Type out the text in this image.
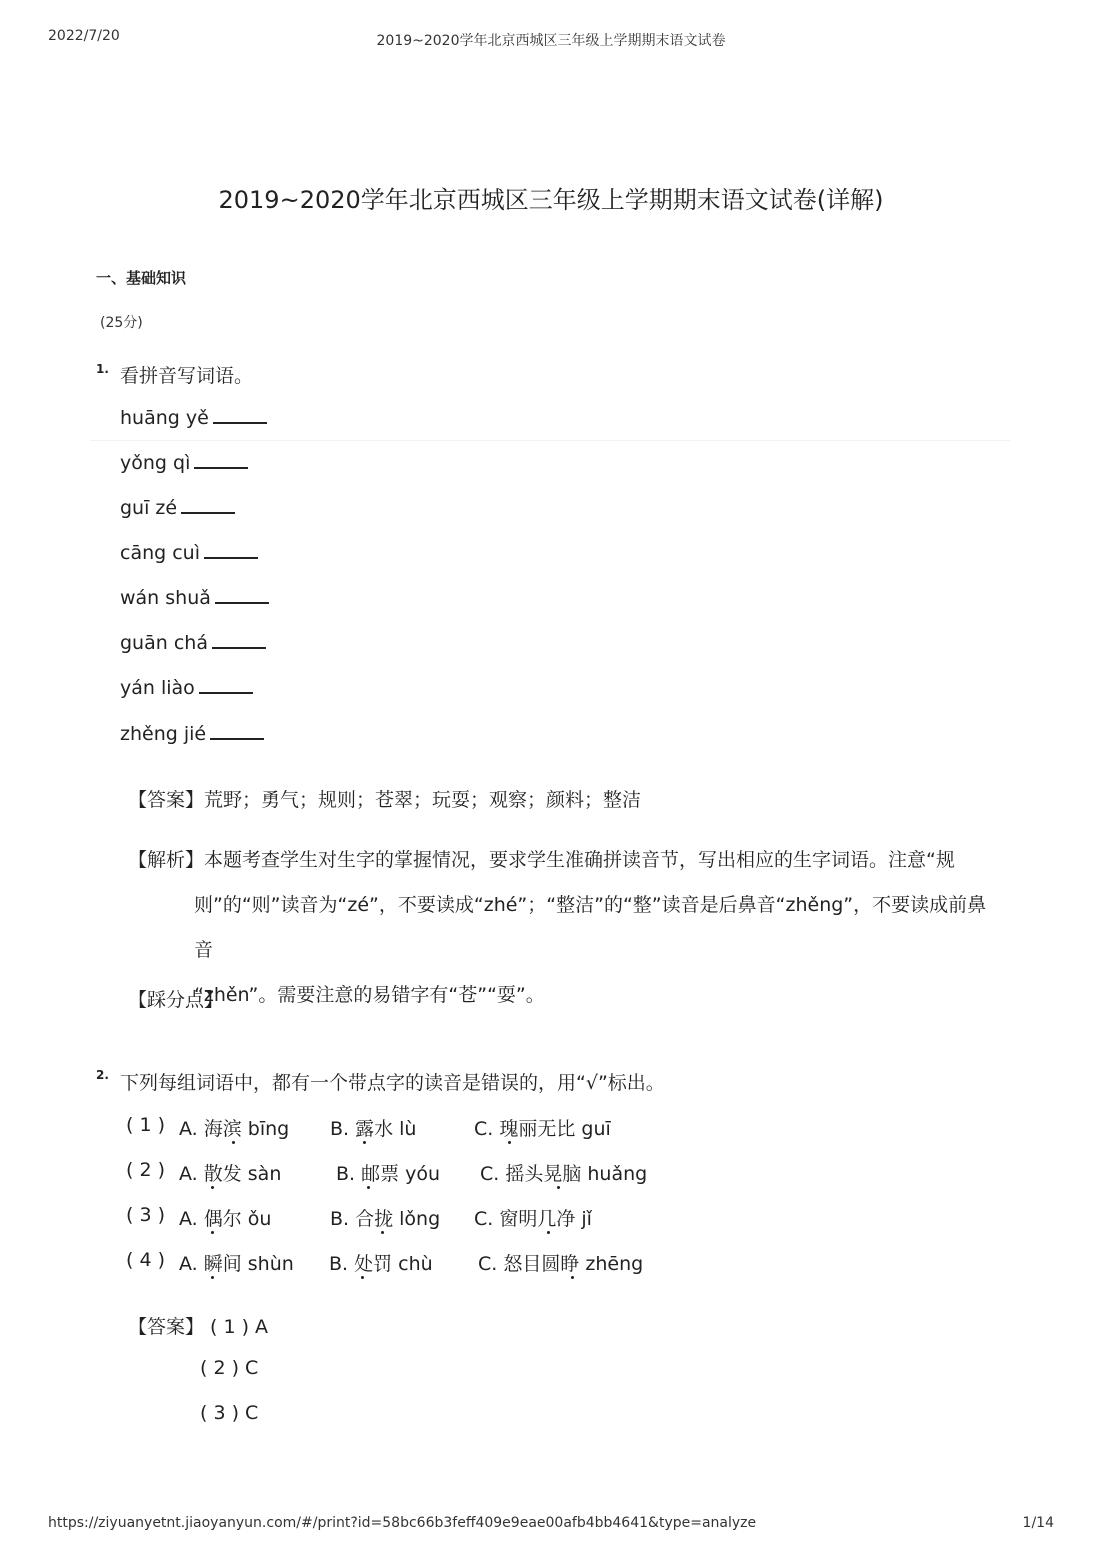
2022/7/20	2019~2020学年北京西城区三年级上学期期末语文试卷
2019~2020学年北京西城区三年级上学期期末语文试卷(详解)
一、基础知识
(25分)
1. 看拼音写词语。
huāng yě
yǒng qì
guī zé
cāng cuì
wán shuǎ
guān chá
yán liào
zhěng jié
【答案】荒野；勇气；规则；苍翠；玩耍；观察；颜料；整洁
【解析】本题考查学生对生字的掌握情况，要求学生准确拼读音节，写出相应的生字词语。注意“规
则”的“则”读音为“zé”，不要读成“zhé”；“整洁”的“整”读音是后鼻音“zhěng”，不要读成前鼻音
“zhěn”。需要注意的易错字有“苍”“耍”。
【踩分点】
2. 下列每组词语中，都有一个带点字的读音是错误的，用“√”标出。
( 1 ) A. 海滨 bīng B. 露水 lù	C. 瑰丽无比 guī
( 2 ) A. 散发 sàn	B. 邮票 yóu C. 摇头晃脑 huǎng
( 3 ) A. 偶尔 ǒu	B. 合拢 lǒng C. 窗明几净 jǐ
( 4 ) A. 瞬间 shùn B. 处罚 chù C. 怒目圆睁 zhēng
【答案】 ( 1 ) A
( 2 ) C
( 3 ) C
https://ziyuanyetnt.jiaoyanyun.com/#/print?id=58bc66b3feff409e9eae00afb4bb4641&type=analyze	1/14
